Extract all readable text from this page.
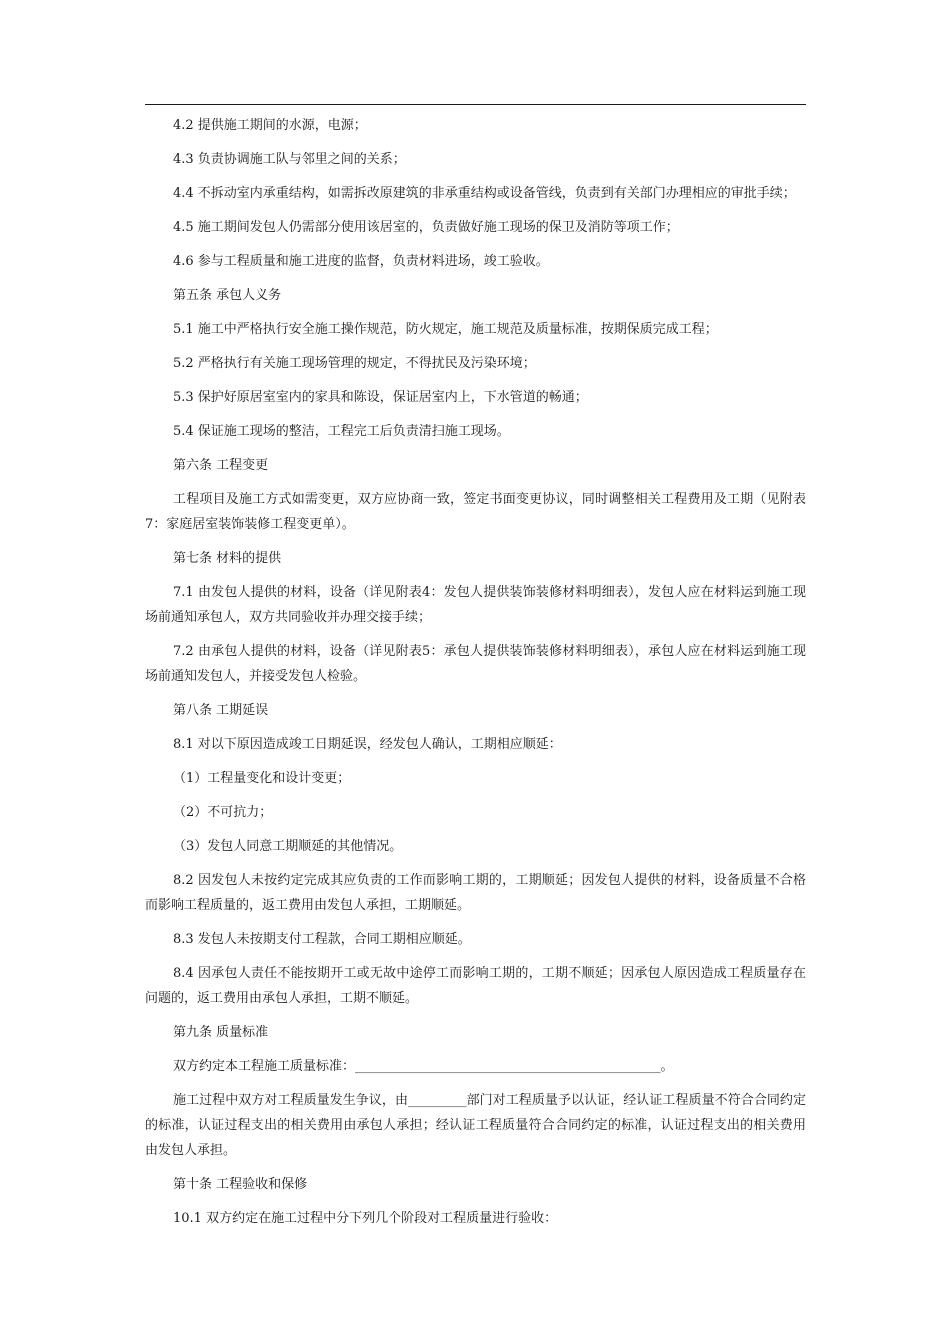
4.2 提供施工期间的水源，电源；

4.3 负责协调施工队与邻里之间的关系；

4.4 不拆动室内承重结构，如需拆改原建筑的非承重结构或设备管线，负责到有关部门办理相应的审批手续；

4.5 施工期间发包人仍需部分使用该居室的，负责做好施工现场的保卫及消防等项工作；

4.6 参与工程质量和施工进度的监督，负责材料进场，竣工验收。

第五条 承包人义务

5.1 施工中严格执行安全施工操作规范，防火规定，施工规范及质量标准，按期保质完成工程；

5.2 严格执行有关施工现场管理的规定，不得扰民及污染环境；

5.3 保护好原居室室内的家具和陈设，保证居室内上，下水管道的畅通；

5.4 保证施工现场的整洁，工程完工后负责清扫施工现场。

第六条 工程变更

工程项目及施工方式如需变更，双方应协商一致，签定书面变更协议，同时调整相关工程费用及工期（见附表7：家庭居室装饰装修工程变更单）。

第七条 材料的提供

7.1 由发包人提供的材料，设备（详见附表4：发包人提供装饰装修材料明细表），发包人应在材料运到施工现场前通知承包人，双方共同验收并办理交接手续；

7.2 由承包人提供的材料，设备（详见附表5：承包人提供装饰装修材料明细表），承包人应在材料运到施工现场前通知发包人，并接受发包人检验。

第八条 工期延误

8.1 对以下原因造成竣工日期延误，经发包人确认，工期相应顺延：

（1）工程量变化和设计变更；

（2）不可抗力；

（3）发包人同意工期顺延的其他情况。

8.2 因发包人未按约定完成其应负责的工作而影响工期的，工期顺延；因发包人提供的材料，设备质量不合格而影响工程质量的，返工费用由发包人承担，工期顺延。

8.3 发包人未按期支付工程款，合同工期相应顺延。

8.4 因承包人责任不能按期开工或无故中途停工而影响工期的，工期不顺延；因承包人原因造成工程质量存在问题的，返工费用由承包人承担，工期不顺延。

第九条 质量标准

双方约定本工程施工质量标准：_______________________________________________。

施工过程中双方对工程质量发生争议，由_________部门对工程质量予以认证，经认证工程质量不符合合同约定的标准，认证过程支出的相关费用由承包人承担；经认证工程质量符合合同约定的标准，认证过程支出的相关费用由发包人承担。

第十条 工程验收和保修

10.1 双方约定在施工过程中分下列几个阶段对工程质量进行验收：
